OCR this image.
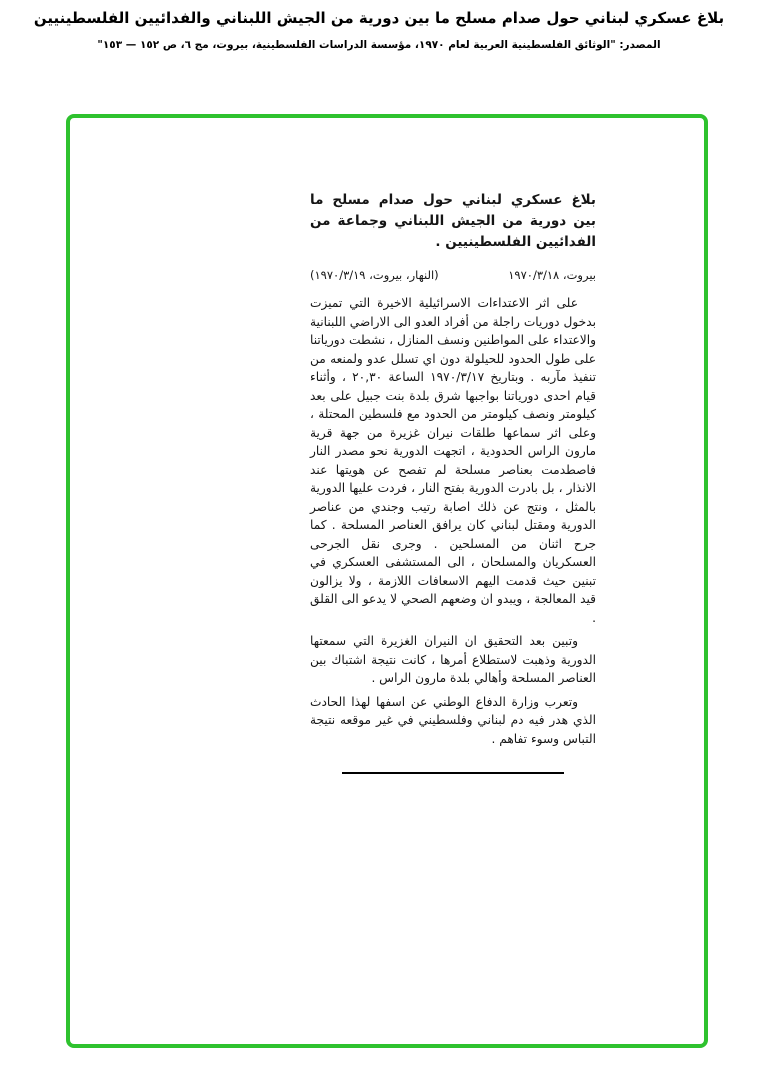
بلاغ عسكري لبناني حول صدام مسلح ما بين دورية من الجيش اللبناني والفدائيين الفلسطينيين
المصدر: "الوثائق الفلسطينية العربية لعام ١٩٧٠، مؤسسة الدراسات الفلسطينية، بيروت، مج ٦، ص ١٥٢ — ١٥٣"
بلاغ عسكري لبناني حول صدام مسلح ما بين دورية من الجيش اللبناني وجماعة من الفدائيين الفلسطينيين .
بيروت، ١٩٧٠/٣/١٨
(النهار، بيروت، ١٩٧٠/٣/١٩)

على اثر الاعتداءات الاسرائيلية الاخيرة التي تميزت بدخول دوريات راجلة من أفراد العدو الى الاراضي اللبنانية والاعتداء على المواطنين ونسف المنازل ، نشطت دورياتنا على طول الحدود للحيلولة دون اي تسلل عدو ولمنعه من تنفيذ مآربه . وبتاريخ ١٩٧٠/٣/١٧ الساعة ٢٠,٣٠ ، وأثناء قيام احدى دورياتنا بواجبها شرق بلدة بنت جبيل على بعد كيلومتر ونصف كيلومتر من الحدود مع فلسطين المحتلة ، وعلى اثر سماعها طلقات نيران غزيرة من جهة قرية مارون الراس الحدودية ، اتجهت الدورية نحو مصدر النار فاصطدمت بعناصر مسلحة لم تفصح عن هويتها عند الانذار ، بل بادرت الدورية بفتح النار ، فردت عليها الدورية بالمثل ، ونتج عن ذلك اصابة رتيب وجندي من عناصر الدورية ومقتل لبناني كان يرافق العناصر المسلحة . كما جرح اثنان من المسلحين . وجرى نقل الجرحى العسكريان والمسلحان ، الى المستشفى العسكري في تبنين حيث قدمت اليهم الاسعافات اللازمة ، ولا يزالون قيد المعالجة ، ويبدو ان وضعهم الصحي لا يدعو الى القلق .

وتبين بعد التحقيق ان النيران الغزيرة التي سمعتها الدورية وذهبت لاستطلاع أمرها ، كانت نتيجة اشتباك بين العناصر المسلحة وأهالي بلدة مارون الراس .

وتعرب وزارة الدفاع الوطني عن اسفها لهذا الحادث الذي هدر فيه دم لبناني وفلسطيني في غير موقعه نتيجة التباس وسوء تفاهم .
